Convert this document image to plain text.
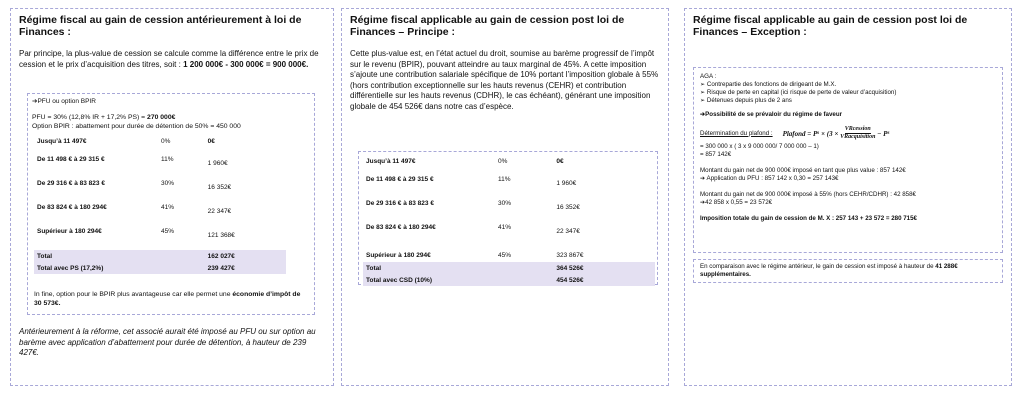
Régime fiscal au gain de cession antérieurement à loi de Finances :
Par principe, la plus-value de cession se calcule comme la différence entre le prix de cession et le prix d’acquisition des titres, soit : 1 200 000€ - 300 000€ = 900 000€.
➔PFU ou option BPIR
PFU = 30% (12,8% IR + 17,2% PS) = 270 000€
Option BPIR : abattement pour durée de détention de 50% = 450 000
Jusqu’à 11 497€	0%	0€
De 11 498 € à 29 315 €	11%	1 960€
De 29 316 € à 83 823 €	30%	16 352€
De 83 824 € à 180 294€	41%	22 347€
Supérieur à 180 294€	45%	121 368€
Total		162 027€
Total avec PS (17,2%)		239 427€
In fine, option pour le BPIR plus avantageuse car elle permet une économie d’impôt de 30 573€.
Antérieurement à la réforme, cet associé aurait été imposé au PFU ou sur option au barème avec application d’abattement pour durée de détention, à hauteur de 239 427€.
Régime fiscal applicable au gain de cession post loi de Finances – Principe :
Cette plus-value est, en l’état actuel du droit, soumise au barème progressif de l’impôt sur le revenu (BPIR), pouvant atteindre au taux marginal de 45%. A cette imposition s’ajoute une contribution salariale spécifique de 10% portant l’imposition globale à 55% (hors contribution exceptionnelle sur les hauts revenus (CEHR) et contribution différentielle sur les hauts revenus (CDHR), le cas échéant), générant une imposition globale de 454 526€ dans notre cas d’espèce.
Jusqu’à 11 497€	0%	0€
De 11 498 € à 29 315 €	11%	1 960€
De 29 316 € à 83 823 €	30%	16 352€
De 83 824 € à 180 294€	41%	22 347€
Supérieur à 180 294€	45%	323 867€
Total		364 526€
Total avec CSD (10%)		454 526€
Régime fiscal applicable au gain de cession post loi de Finances – Exception :
AGA :
➢ Contrepartie des fonctions de dirigeant de M.X.
➢ Risque de perte en capital (ici risque de perte de valeur d’acquisition)
➢ Détenues depuis plus de 2 ans
➔Possibilité de se prévaloir du régime de faveur
Détermination du plafond : Plafond = P s × (3 ×
VRcession
VRacquisition − P s
= 300 000 x ( 3 x 9 000 000/ 7 000 000 – 1)
= 857 142€
Montant du gain net de 900 000€ imposé en tant que plus value : 857 142€
➔ Application du PFU : 857 142 x 0,30 = 257 143€
Montant du gain net de 900 000€ imposé à 55% (hors CEHR/CDHR) : 42 858€
➔42 858 x 0,55 = 23 572€
Imposition totale du gain de cession de M. X : 257 143 + 23 572 = 280 715€
En comparaison avec le régime antérieur, le gain de cession est imposé à hauteur de 41 288€ supplémentaires.
